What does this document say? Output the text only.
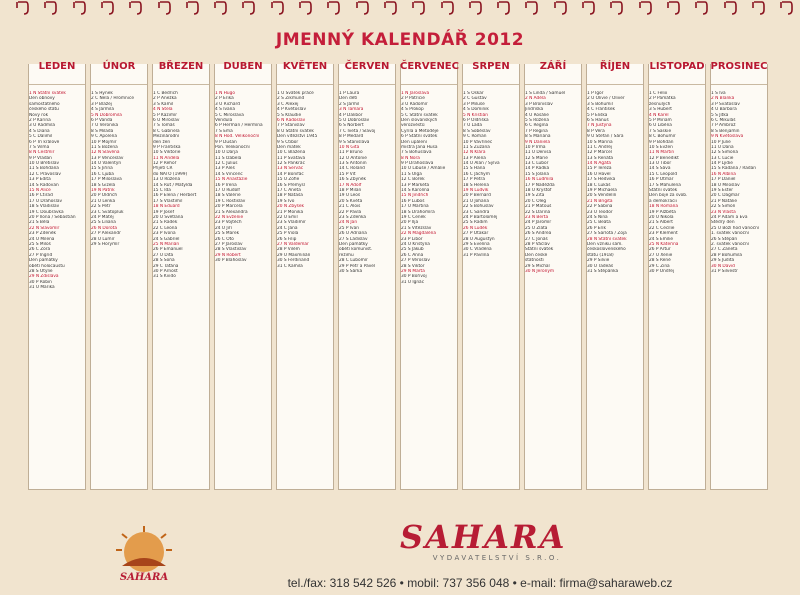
JMENNÝ KALENDÁŘ 2012
LEDEN
1 N Státní svátek
Den obnovy
samostatného
českého státu
Nový rok
2 P Karina
3 Ú Radmila
4 S Diana
5 Č Dalimil
6 P Tři králové
7 S Vilma
8 N Čestmír
9 P Vladan
10 Ú Břetislav
11 S Bohdana
12 Č Pravoslav
13 P Edita
14 S Radovan
15 N Alice
16 P Ctirad
17 Ú Drahoslav
18 S Vladislav
19 Č Doubravka
20 P Ilona / Sebastián
21 S Běla
22 N Slavomír
23 P Zdeněk
24 Ú Milena
25 S Miloš
26 Č Zora
27 P Ingrid
Den památky
obětí holocaustu
28 S Otýlie
29 N Zdislava
30 P Robin
31 Ú Marika
ÚNOR
1 S Hynek
2 Č Nela / Hromnice
3 P Blažej
4 S Jarmila
5 N Dobromila
6 P Vanda
7 Ú Veronika
8 S Milada
9 Č Apolena
10 P Mojmír
11 S Božena
12 N Slavěna
13 P Věnceslav
14 Ú Valentýn
15 S Jiřina
16 Č Ljuba
17 P Miloslava
18 S Gizela
19 N Patrik
20 P Oldřich
21 Ú Lenka
22 S Petr
23 Č Svatopluk
24 P Matěj
25 S Liliana
26 N Dorota
27 P Alexandr
28 Ú Lumír
29 S Horymír
BŘEZEN
1 Č Bedřich
2 P Anežka
3 S Kamil
4 N Stela
5 P Kazimír
6 Ú Miroslav
7 S Tomáš
8 Č Gabriela
Mezinárodní
den žen
9 P Františka
10 S Viktorie
11 N Anděla
12 P Řehoř
Přijetí ČR
do NATO (1999)
13 Ú Růžena
14 S Rút / Matylda
15 Č Ida
16 P Elena / Herbert
17 S Vlastimil
18 N Eduard
19 P Josef
20 Ú Světlana
21 S Radek
22 Č Leona
23 P Ivona
24 S Gabriel
25 N Marián
26 P Emanuel
27 Ú Dita
28 S Soňa
29 Č Taťána
30 P Arnošt
31 S Kvido
DUBEN
1 N Hugo
2 P Erika
3 Ú Richard
4 S Ivana
5 Č Miroslava
Vendula
6 P Heřman / Hermína
7 S Ema
8 N Hod. Velikonoční
9 P Dušan
Pon. Velikonoční
10 Ú Darja
11 S Izabela
12 Č Julius
13 P Aleš
14 S Vincenc
15 N Anastázie
16 P Irena
17 Ú Rudolf
18 S Valérie
19 Č Rostislav
20 P Marcela
21 S Alexandra
22 N Evženie
23 P Vojtěch
24 Ú Jiří
25 S Marek
26 Č Oto
27 P Jaroslav
28 S Vlastislav
29 N Robert
30 P Blahoslav
KVĚTEN
1 Ú Svátek práce
2 S Zikmund
3 Č Alexej
4 P Květoslav
5 S Klaudie
6 N Radoslav
7 P Stanislav
8 Ú Státní svátek
Den vítězství 1945
9 S Ctibor
Den matek
10 Č Blažena
11 P Svatava
12 S Pankrác
13 N Servác
14 P Bonifác
15 Ú Žofie
16 S Přemysl
17 Č Aneta
18 P Nataša
19 S Ivo
20 N Zbyšek
21 P Monika
22 Ú Emil
23 S Vladimír
24 Č Jana
25 P Viola
26 S Filip
27 N Valdemar
28 P Vilém
29 Ú Maxmilián
30 S Ferdinand
31 Č Kamila
ČERVEN
1 P Laura
Den dětí
2 S Jarmil
3 N Tamara
4 P Dalibor
5 Ú Dobroslav
6 S Norbert
7 Č Iveta / Slavoj
8 P Medard
9 S Stanislava
10 N Gita
11 P Bruno
12 Ú Antonie
13 S Antonín
14 Č Roland
15 P Vít
16 S Zbyněk
17 N Adolf
18 P Milan
19 Ú Leoš
20 S Květa
21 Č Alois
22 P Pavla
23 S Zdeňka
24 N Jan
25 P Ivan
26 Ú Adriana
27 S Ladislav
Den památky
obětí komunist.
režimu
28 Č Lubomír
29 P Petr a Pavel
30 S Šárka
ČERVENEC
1 N Jaroslava
2 P Patricie
3 Ú Radomír
4 S Prokop
5 Č Státní svátek
Den slovanských
věrozvěstů
Cyrila a Metoděje
6 P Státní svátek
Den upálení
mistra Jana Husa
7 S Bohuslava
8 N Nora
9 P Drahoslava
10 Ú Libuše / Amálie
11 S Olga
12 Č Bořek
13 P Markéta
14 S Karolína
15 N Jindřich
16 P Luboš
17 Ú Martina
18 S Drahomíra
19 Č Čeněk
20 P Ilja
21 S Vítězslav
22 N Magdaléna
23 P Libor
24 Ú Kristýna
25 S Jakub
26 Č Anna
27 P Věroslav
28 S Viktor
29 N Marta
30 P Bořivoj
31 Ú Ignác
SRPEN
1 S Oskar
2 Č Gustav
3 P Miluše
4 S Dominik
5 N Kristián
6 P Oldřiška
7 Ú Lada
8 S Soběslav
9 Č Roman
10 P Vavřinec
11 S Zuzana
12 N Klára
13 P Alena
14 Ú Alan / Sylva
15 S Hana
16 Č Jáchym
17 P Petra
18 S Helena
19 N Ludvík
20 P Bernard
21 Ú Johana
22 S Bohuslav
23 Č Sandra
24 P Bartoloměj
25 S Radim
26 N Luděk
27 P Otakar
28 Ú Augustýn
29 S Evelína
30 Č Vladěna
31 P Pavlína
ZÁŘÍ
1 S Linda / Samuel
2 N Adéla
3 P Bronislav
Jindřiška
4 Ú Rosálie
5 S Růžena
6 Č Regína
7 P Regina
8 S Mariana
9 N Daniela
10 P Irma
11 Ú Denisa
12 S Marie
13 Č Lubor
14 P Radka
15 S Jolana
16 N Ludmila
17 P Naděžda
18 Ú Kryštof
19 S Zita
20 Č Oleg
21 P Matouš
22 S Darina
23 N Berta
24 P Jaromír
25 Ú Zlata
26 S Andrea
27 Č Jonáš
28 P Václav
Státní svátek
Den české
státnosti
29 S Michal
30 N Jeroným
ŘÍJEN
1 P Igor
2 Ú Olivie / Oliver
3 S Bohumil
4 Č František
5 P Eliška
6 S Hanuš
7 N Justýna
8 P Věra
9 Ú Štefan / Sára
10 S Marina
11 Č Andrej
12 P Marcel
13 S Renáta
14 N Agáta
15 P Tereza
16 Ú Havel
17 S Hedvika
18 Č Lukáš
19 P Michaela
20 S Vendelín
21 N Brigita
22 P Sabina
23 Ú Teodor
24 S Nina
25 Č Beáta
26 P Erik
27 S Šarlota / Zoja
28 N Státní svátek
Den vzniku sam.
československého
státu (1918)
29 P Silvie
30 Ú Tadeáš
31 S Štěpánka
LISTOPAD
1 Č Felix
2 P Památka
zesnulých
3 S Hubert
4 N Karel
5 P Miriam
6 Ú Liběna
7 S Saskie
8 Č Bohumír
9 P Bohdan
10 S Evžen
11 N Martin
12 P Benedikt
13 Ú Tibor
14 S Sáva
15 Č Leopold
16 P Otmar
17 S Mahulena
Státní svátek
Den boje za svob.
a demokracii
18 N Romana
19 P Alžběta
20 Ú Nikola
21 S Albert
22 Č Cecílie
23 P Klement
24 S Emílie
25 N Kateřina
26 P Artur
27 Ú Xenie
28 S René
29 Č Zina
30 P Ondřej
PROSINEC
1 S Iva
2 N Blanka
3 P Svatoslav
4 Ú Barbora
5 S Jitka
6 Č Mikuláš
7 P Ambrož
8 S Benjamín
9 N Květoslava
10 P Julie
11 Ú Dana
12 S Simona
13 Č Lucie
14 P Lýdie
15 S Radana / Radan
16 N Albína
17 P Daniel
18 Ú Miloslav
19 S Ester
20 Č Dagmar
21 P Natálie
22 S Šimon
23 N Vlasta
24 P Adam a Eva
Štědrý den
25 Ú Boží hod vánoční
1. svátek vánoční
26 S Štěpán
2. svátek vánoční
27 Č Žaneta
28 P Bohumila
29 S Judita
30 N David
31 P Silvestr
SAHARA
SAHARA
VYDAVATELSTVÍ S.R.O.
tel./fax: 318 542 526 • mobil: 737 356 048 • e-mail: firma@saharaweb.cz
